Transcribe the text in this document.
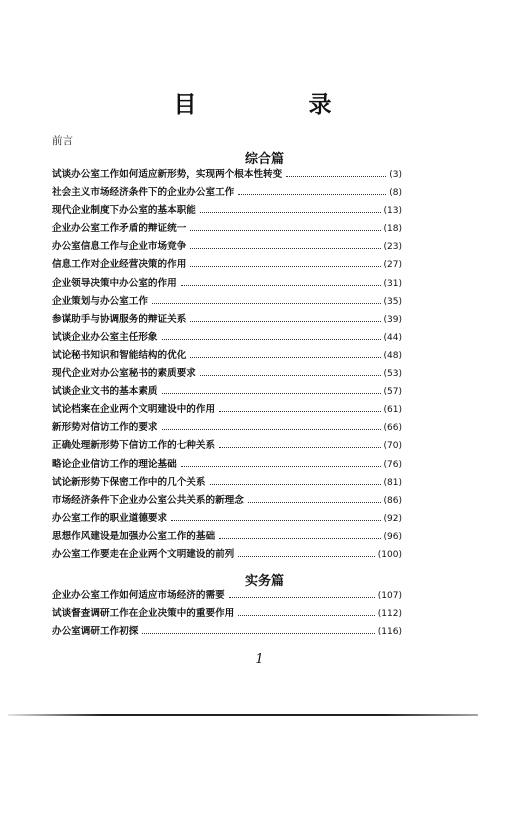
目 录
前言
综合篇
试谈办公室工作如何适应新形势，实现两个根本性转变	(3)
社会主义市场经济条件下的企业办公室工作	(8)
现代企业制度下办公室的基本职能	(13)
企业办公室工作矛盾的辩证统一	(18)
办公室信息工作与企业市场竞争	(23)
信息工作对企业经营决策的作用	(27)
企业领导决策中办公室的作用	(31)
企业策划与办公室工作	(35)
参谋助手与协调服务的辩证关系	(39)
试谈企业办公室主任形象	(44)
试论秘书知识和智能结构的优化	(48)
现代企业对办公室秘书的素质要求	(53)
试谈企业文书的基本素质	(57)
试论档案在企业两个文明建设中的作用	(61)
新形势对信访工作的要求	(66)
正确处理新形势下信访工作的七种关系	(70)
略论企业信访工作的理论基础	(76)
试论新形势下保密工作中的几个关系	(81)
市场经济条件下企业办公室公共关系的新理念	(86)
办公室工作的职业道德要求	(92)
思想作风建设是加强办公室工作的基础	(96)
办公室工作要走在企业两个文明建设的前列	(100)
实务篇
企业办公室工作如何适应市场经济的需要	(107)
试谈督查调研工作在企业决策中的重要作用	(112)
办公室调研工作初探	(116)
1
